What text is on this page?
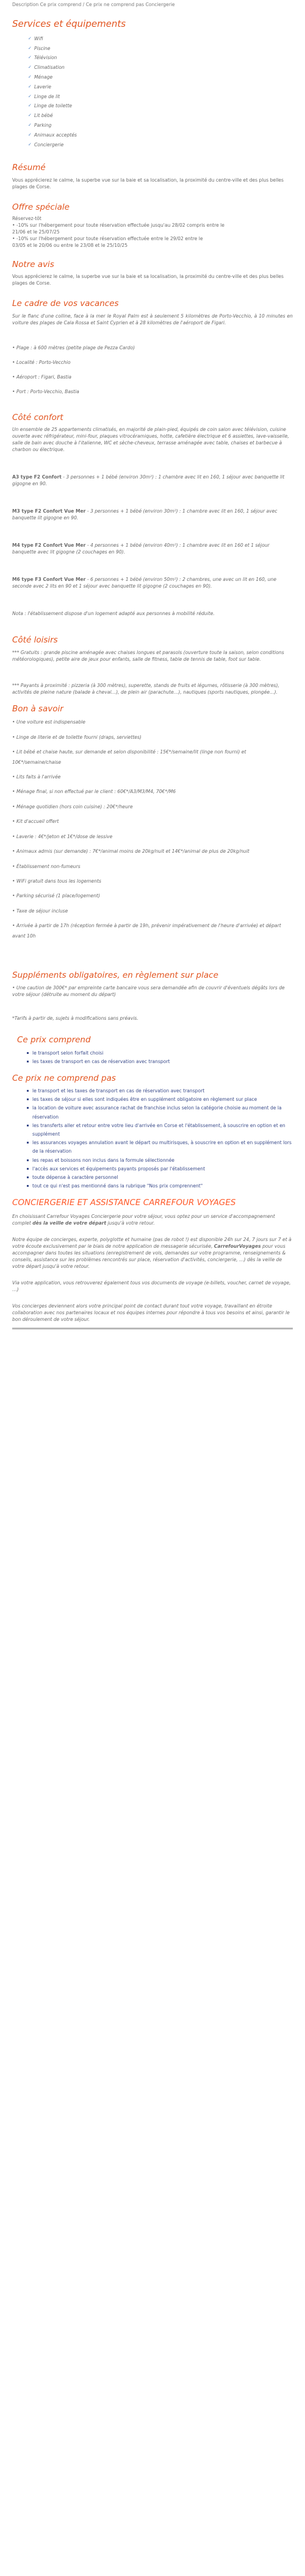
Description Ce prix comprend / Ce prix ne comprend pas Conciergerie
Services et équipements
✓ Wifi
✓ Piscine
✓ Télévision
✓ Climatisation
✓ Ménage
✓ Laverie
✓ Linge de lit
✓ Linge de toilette
✓ Lit bébé
✓ Parking
✓ Animaux acceptés
✓ Conciergerie
Résumé

Vous apprécierez le calme, la superbe vue sur la baie et sa localisation, la proximité du centre-ville et des plus belles plages de Corse.

Offre spéciale
Réservez-tôt
• -10% sur l'hébergement pour toute réservation effectuée jusqu'au 28/02 compris entre le
21/06 et le 25/07/25
• -10% sur l'hébergement pour toute réservation effectuée entre le 29/02 entre le
03/05 et le 20/06 ou entre le 23/08 et le 25/10/25
Notre avis

Vous apprécierez le calme, la superbe vue sur la baie et sa localisation, la proximité du centre-ville et des plus belles plages de Corse.

Le cadre de vos vacances

Sur le flanc d'une colline, face à la mer le Royal Palm est à seulement 5 kilomètres de Porto-Vecchio, à 10 minutes en voiture des plages de Cala Rossa et Saint Cyprien et à 28 kilomètres de l'aéroport de Figari.

• Plage : à 600 mètres (petite plage de Pezza Cardo)
• Localité : Porto-Vecchio
• Aéroport : Figari, Bastia
• Port : Porto-Vecchio, Bastia
Côté confort

Un ensemble de 25 appartements climatisés, en majorité de plain-pied, équipés de coin salon avec télévision, cuisine ouverte avec réfrigérateur, mini-four, plaques vitrocéramiques, hotte, cafetière électrique et 6 assiettes, lave-vaisselle, salle de bain avec douche à l'italienne, WC et sèche-cheveux, terrasse aménagée avec table, chaises et barbecue à charbon ou électrique.

A3 type F2 Confort - 3 personnes + 1 bébé (environ 30m²) : 1 chambre avec lit en 160, 1 séjour avec banquette lit gigogne en 90.

M3 type F2 Confort Vue Mer - 3 personnes + 1 bébé (environ 30m²) : 1 chambre avec lit en 160, 1 séjour avec banquette lit gigogne en 90.

M4 type F2 Confort Vue Mer - 4 personnes + 1 bébé (environ 40m²) : 1 chambre avec lit en 160 et 1 séjour banquette avec lit gigogne (2 couchages en 90).

M6 type F3 Confort Vue Mer - 6 personnes + 1 bébé (environ 50m²) : 2 chambres, une avec un lit en 160, une seconde avec 2 lits en 90 et 1 séjour avec banquette lit gigogne (2 couchages en 90).

Nota : l'établissement dispose d'un logement adapté aux personnes à mobilité réduite.

Côté loisirs

*** Gratuits : grande piscine aménagée avec chaises longues et parasols (ouverture toute la saison, selon conditions météorologiques), petite aire de jeux pour enfants, salle de fitness, table de tennis de table, foot sur table.

*** Payants à proximité : pizzeria (à 300 mètres), superette, stands de fruits et légumes, rôtisserie (à 300 mètres), activités de pleine nature (balade à cheval…), de plein air (parachute…), nautiques (sports nautiques, plongée…).

Bon à savoir
• Une voiture est indispensable
• Linge de literie et de toilette fourni (draps, serviettes)
• Lit bébé et chaise haute, sur demande et selon disponibilité : 15€*/semaine/lit (linge non fourni) et 10€*/semaine/chaise
• Lits faits à l'arrivée
• Ménage final, si non effectué par le client : 60€*/A3/M3/M4, 70€*/M6
• Ménage quotidien (hors coin cuisine) : 20€*/heure
• Kit d'accueil offert
• Laverie : 4€*/jeton et 1€*/dose de lessive
• Animaux admis (sur demande) : 7€*/animal moins de 20kg/nuit et 14€*/animal de plus de 20kg/nuit
• Établissement non-fumeurs
• WiFi gratuit dans tous les logements
• Parking sécurisé (1 place/logement)
• Taxe de séjour incluse
• Arrivée à partir de 17h (réception fermée à partir de 19h, prévenir impérativement de l'heure d'arrivée) et départ avant 10h
Suppléments obligatoires, en règlement sur place

• Une caution de 300€* par empreinte carte bancaire vous sera demandée afin de couvrir d'éventuels dégâts lors de votre séjour (détruite au moment du départ)

*Tarifs à partir de, sujets à modifications sans préavis.

Ce prix comprend
le transport selon forfait choisi
les taxes de transport en cas de réservation avec transport
Ce prix ne comprend pas
le transport et les taxes de transport en cas de réservation avec transport
les taxes de séjour si elles sont indiquées être en supplément obligatoire en règlement sur place
la location de voiture avec assurance rachat de franchise inclus selon la catégorie choisie au moment de la réservation
les transferts aller et retour entre votre lieu d'arrivée en Corse et l'établissement, à souscrire en option et en supplément
les assurances voyages annulation avant le départ ou multirisques, à souscrire en option et en supplément lors de la réservation
les repas et boissons non inclus dans la formule sélectionnée
l'accès aux services et équipements payants proposés par l'établissement
toute dépense à caractère personnel
tout ce qui n'est pas mentionné dans la rubrique "Nos prix comprennent"
CONCIERGERIE ET ASSISTANCE CARREFOUR VOYAGES

En choisissant Carrefour Voyages Conciergerie pour votre séjour, vous optez pour un service d'accompagnement complet dès la veille de votre départ jusqu'à votre retour.

Notre équipe de concierges, experte, polyglotte et humaine (pas de robot !) est disponible 24h sur 24, 7 jours sur 7 et à votre écoute exclusivement par le biais de notre application de messagerie sécurisée, CarrefourVoyages pour vous accompagner dans toutes les situations (enregistrement de vols, demandes sur votre programme, renseignements & conseils, assistance sur les problèmes rencontrés sur place, réservation d'activités, conciergerie, …) dès la veille de votre départ jusqu'à votre retour.

Via votre application, vous retrouverez également tous vos documents de voyage (e-billets, voucher, carnet de voyage, …)

Vos concierges deviennent alors votre principal point de contact durant tout votre voyage, travaillant en étroite collaboration avec nos partenaires locaux et nos équipes internes pour répondre à tous vos besoins et ainsi, garantir le bon déroulement de votre séjour.
